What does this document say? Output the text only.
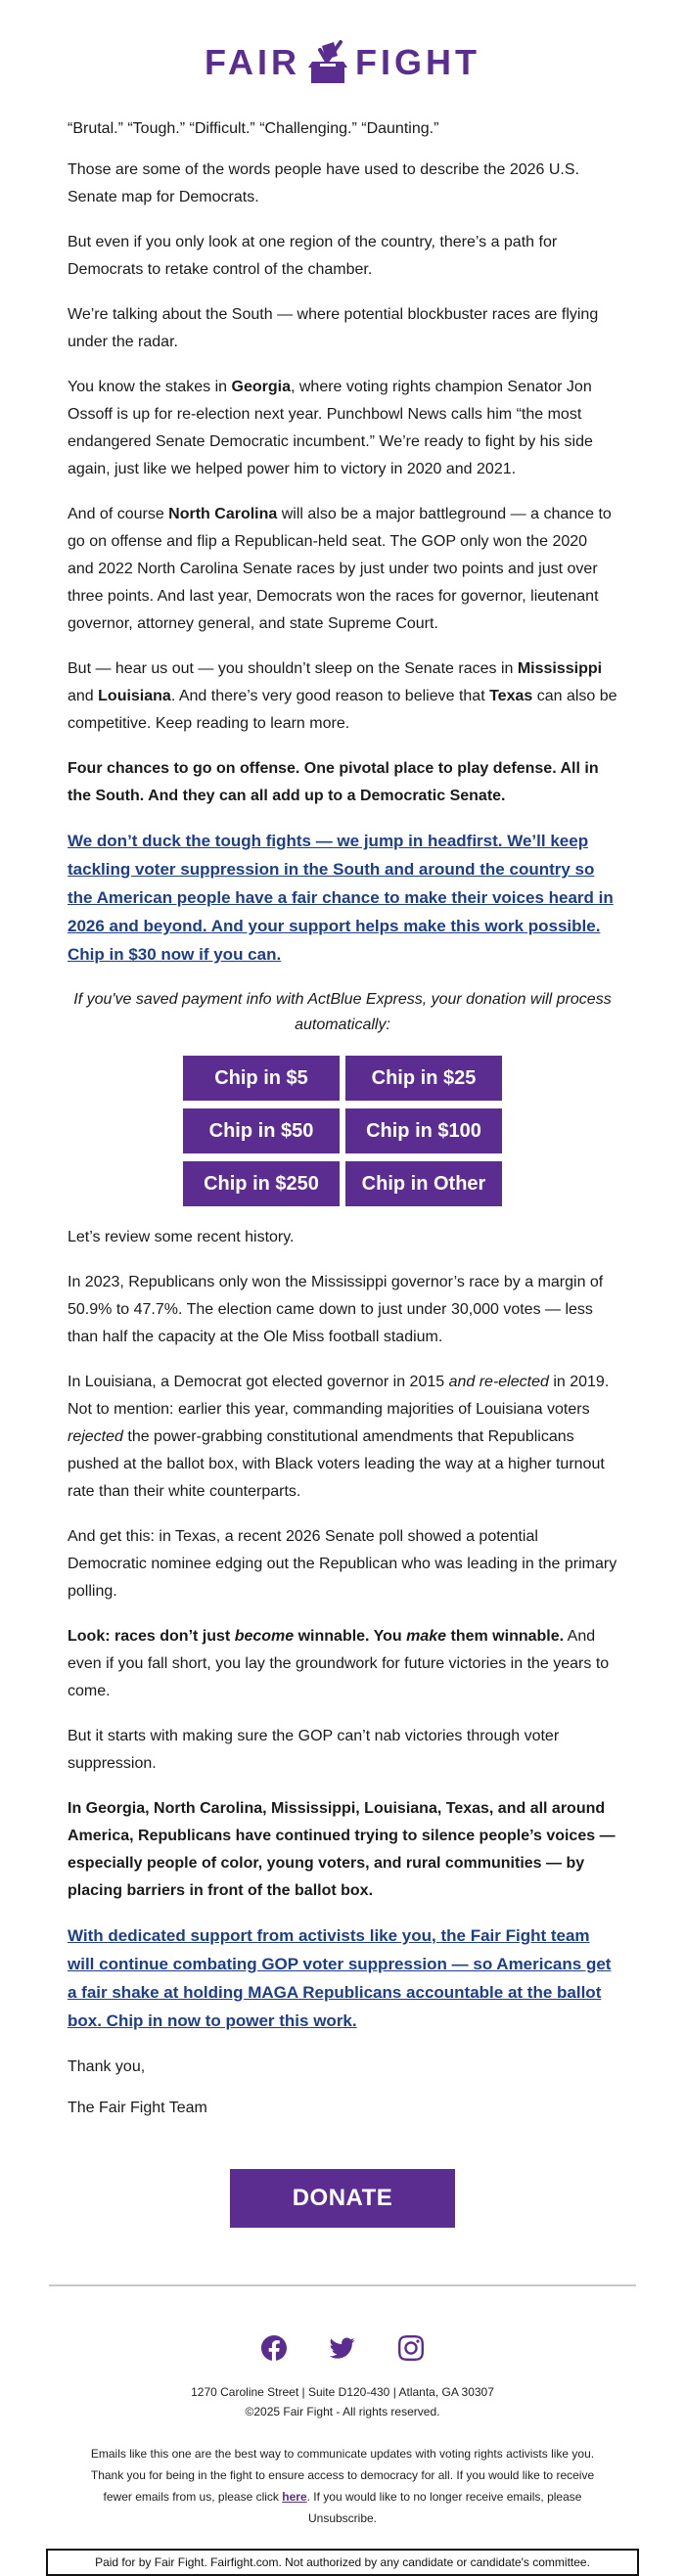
FAIR FIGHT

“Brutal.” “Tough.” “Difficult.” “Challenging.” “Daunting.”

Those are some of the words people have used to describe the 2026 U.S. Senate map for Democrats.

But even if you only look at one region of the country, there’s a path for Democrats to retake control of the chamber.

We’re talking about the South — where potential blockbuster races are flying under the radar.

You know the stakes in Georgia, where voting rights champion Senator Jon Ossoff is up for re-election next year. Punchbowl News calls him “the most endangered Senate Democratic incumbent.” We’re ready to fight by his side again, just like we helped power him to victory in 2020 and 2021.

And of course North Carolina will also be a major battleground — a chance to go on offense and flip a Republican-held seat. The GOP only won the 2020 and 2022 North Carolina Senate races by just under two points and just over three points. And last year, Democrats won the races for governor, lieutenant governor, attorney general, and state Supreme Court.

But — hear us out — you shouldn’t sleep on the Senate races in Mississippi and Louisiana. And there’s very good reason to believe that Texas can also be competitive. Keep reading to learn more.

Four chances to go on offense. One pivotal place to play defense. All in the South. And they can all add up to a Democratic Senate.

We don’t duck the tough fights — we jump in headfirst. We’ll keep tackling voter suppression in the South and around the country so the American people have a fair chance to make their voices heard in 2026 and beyond. And your support helps make this work possible. Chip in $30 now if you can.

If you've saved payment info with ActBlue Express, your donation will process automatically:
Chip in $5	Chip in $25
Chip in $50	Chip in $100
Chip in $250	Chip in Other

Let’s review some recent history.

In 2023, Republicans only won the Mississippi governor’s race by a margin of 50.9% to 47.7%. The election came down to just under 30,000 votes — less than half the capacity at the Ole Miss football stadium.

In Louisiana, a Democrat got elected governor in 2015 and re-elected in 2019. Not to mention: earlier this year, commanding majorities of Louisiana voters rejected the power-grabbing constitutional amendments that Republicans pushed at the ballot box, with Black voters leading the way at a higher turnout rate than their white counterparts.

And get this: in Texas, a recent 2026 Senate poll showed a potential Democratic nominee edging out the Republican who was leading in the primary polling.

Look: races don’t just become winnable. You make them winnable. And even if you fall short, you lay the groundwork for future victories in the years to come.

But it starts with making sure the GOP can’t nab victories through voter suppression.

In Georgia, North Carolina, Mississippi, Louisiana, Texas, and all around America, Republicans have continued trying to silence people’s voices — especially people of color, young voters, and rural communities — by placing barriers in front of the ballot box.

With dedicated support from activists like you, the Fair Fight team will continue combating GOP voter suppression — so Americans get a fair shake at holding MAGA Republicans accountable at the ballot box. Chip in now to power this work.

Thank you,

The Fair Fight Team

DONATE
1270 Caroline Street | Suite D120-430 | Atlanta, GA 30307
©2025 Fair Fight - All rights reserved.
Emails like this one are the best way to communicate updates with voting rights activists like you. Thank you for being in the fight to ensure access to democracy for all. If you would like to receive fewer emails from us, please click here. If you would like to no longer receive emails, please Unsubscribe.
Paid for by Fair Fight. Fairfight.com. Not authorized by any candidate or candidate's committee.
